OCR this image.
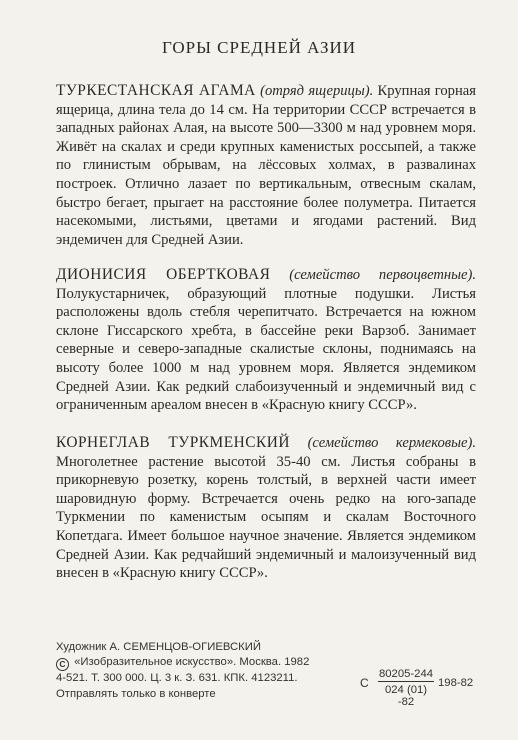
ГОРЫ СРЕДНЕЙ АЗИИ

ТУРКЕСТАНСКАЯ АГАМА (отряд ящерицы). Крупная горная ящерица, длина тела до 14 см. На территории СССР встречается в западных районах Алая, на высоте 500—3300 м над уровнем моря. Живёт на скалах и среди крупных каменистых россыпей, а также по глинистым обрывам, на лёссовых холмах, в развалинах построек. Отлично лазает по вертикальным, отвесным скалам, быстро бегает, прыгает на расстояние более полуметра. Питается насекомыми, листьями, цветами и ягодами растений. Вид эндемичен для Средней Азии.

ДИОНИСИЯ ОБЕРТКОВАЯ (семейство первоцветные). Полукустарничек, образующий плотные подушки. Листья расположены вдоль стебля черепитчато. Встречается на южном склоне Гиссарского хребта, в бассейне реки Варзоб. Занимает северные и северо-западные скалистые склоны, поднимаясь на высоту более 1000 м над уровнем моря. Является эндемиком Средней Азии. Как редкий слабоизученный и эндемичный вид с ограниченным ареалом внесен в «Красную книгу СССР».

КОРНЕГЛАВ ТУРКМЕНСКИЙ (семейство кермековые). Многолетнее растение высотой 35-40 см. Листья собраны в прикорневую розетку, корень толстый, в верхней части имеет шаровидную форму. Встречается очень редко на юго-западе Туркмении по каменистым осыпям и скалам Восточного Копетдага. Имеет большое научное значение. Является эндемиком Средней Азии. Как редчайший эндемичный и малоизученный вид внесен в «Красную книгу СССР».

Художник А. СЕМЕНЦОВ-ОГИЕВСКИЙ
C «Изобразительное искусство». Москва. 1982
4-521. Т. 300 000. Ц. 3 к. З. 631. КПК. 4123211.
Отправлять только в конверте
С $\frac{80205-244}{024 (01) -82} 198-82$
